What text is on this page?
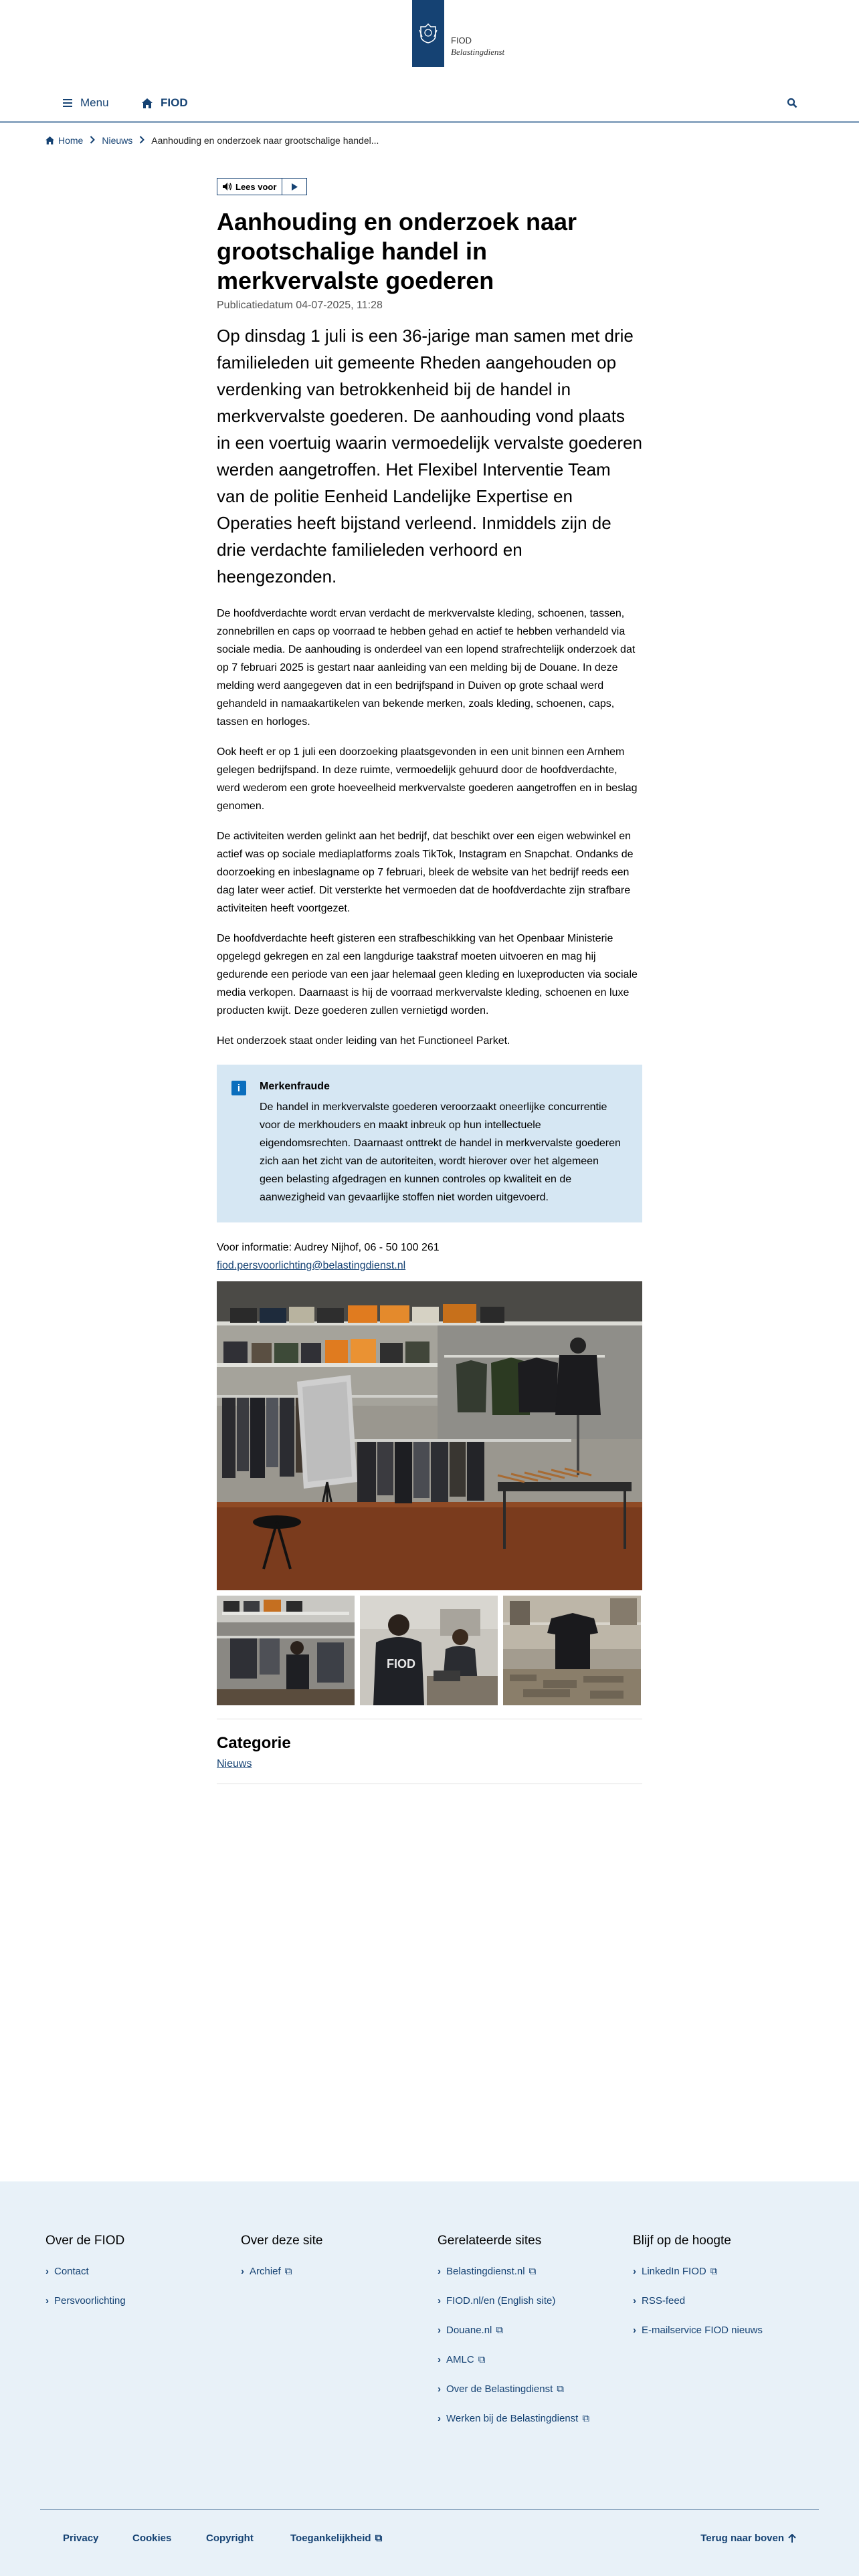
FIOD
Belastingdienst
Menu	FIOD
Home Nieuws Aanhouding en onderzoek naar grootschalige handel...
Lees voor
Aanhouding en onderzoek naar grootschalige handel in merkvervalste goederen
Publicatiedatum 04-07-2025, 11:28

Op dinsdag 1 juli is een 36-jarige man samen met drie familieleden uit gemeente Rheden aangehouden op verdenking van betrokkenheid bij de handel in merkvervalste goederen. De aanhouding vond plaats in een voertuig waarin vermoedelijk vervalste goederen werden aangetroffen. Het Flexibel Interventie Team van de politie Eenheid Landelijke Expertise en Operaties heeft bijstand verleend. Inmiddels zijn de drie verdachte familieleden verhoord en heengezonden.

De hoofdverdachte wordt ervan verdacht de merkvervalste kleding, schoenen, tassen, zonnebrillen en caps op voorraad te hebben gehad en actief te hebben verhandeld via sociale media. De aanhouding is onderdeel van een lopend strafrechtelijk onderzoek dat op 7 februari 2025 is gestart naar aanleiding van een melding bij de Douane. In deze melding werd aangegeven dat in een bedrijfspand in Duiven op grote schaal werd gehandeld in namaakartikelen van bekende merken, zoals kleding, schoenen, caps, tassen en horloges.

Ook heeft er op 1 juli een doorzoeking plaatsgevonden in een unit binnen een Arnhem gelegen bedrijfspand. In deze ruimte, vermoedelijk gehuurd door de hoofdverdachte, werd wederom een grote hoeveelheid merkvervalste goederen aangetroffen en in beslag genomen.

De activiteiten werden gelinkt aan het bedrijf, dat beschikt over een eigen webwinkel en actief was op sociale mediaplatforms zoals TikTok, Instagram en Snapchat. Ondanks de doorzoeking en inbeslagname op 7 februari, bleek de website van het bedrijf reeds een dag later weer actief. Dit versterkte het vermoeden dat de hoofdverdachte zijn strafbare activiteiten heeft voortgezet.

De hoofdverdachte heeft gisteren een strafbeschikking van het Openbaar Ministerie opgelegd gekregen en zal een langdurige taakstraf moeten uitvoeren en mag hij gedurende een periode van een jaar helemaal geen kleding en luxeproducten via sociale media verkopen. Daarnaast is hij de voorraad merkvervalste kleding, schoenen en luxe producten kwijt. Deze goederen zullen vernietigd worden.

Het onderzoek staat onder leiding van het Functioneel Parket.

i	Merkenfraude
De handel in merkvervalste goederen veroorzaakt oneerlijke concurrentie voor de merkhouders en maakt inbreuk op hun intellectuele eigendomsrechten. Daarnaast onttrekt de handel in merkvervalste goederen zich aan het zicht van de autoriteiten, wordt hierover over het algemeen geen belasting afgedragen en kunnen controles op kwaliteit en de aanwezigheid van gevaarlijke stoffen niet worden uitgevoerd.
Voor informatie: Audrey Nijhof, 06 - 50 100 261
fiod.persvoorlichting@belastingdienst.nl
FIOD
Categorie
Nieuws
Over de FIOD
› Contact
› Persvoorlichting
Over deze site
› Archief ⧉
Gerelateerde sites
› Belastingdienst.nl ⧉
› FIOD.nl/en (English site)
› Douane.nl ⧉
› AMLC ⧉
› Over de Belastingdienst ⧉
› Werken bij de Belastingdienst ⧉
Blijf op de hoogte
› LinkedIn FIOD ⧉
› RSS-feed
› E-mailservice FIOD nieuws
Privacy	Cookies	Copyright	Toegankelijkheid ⧉	Terug naar boven
